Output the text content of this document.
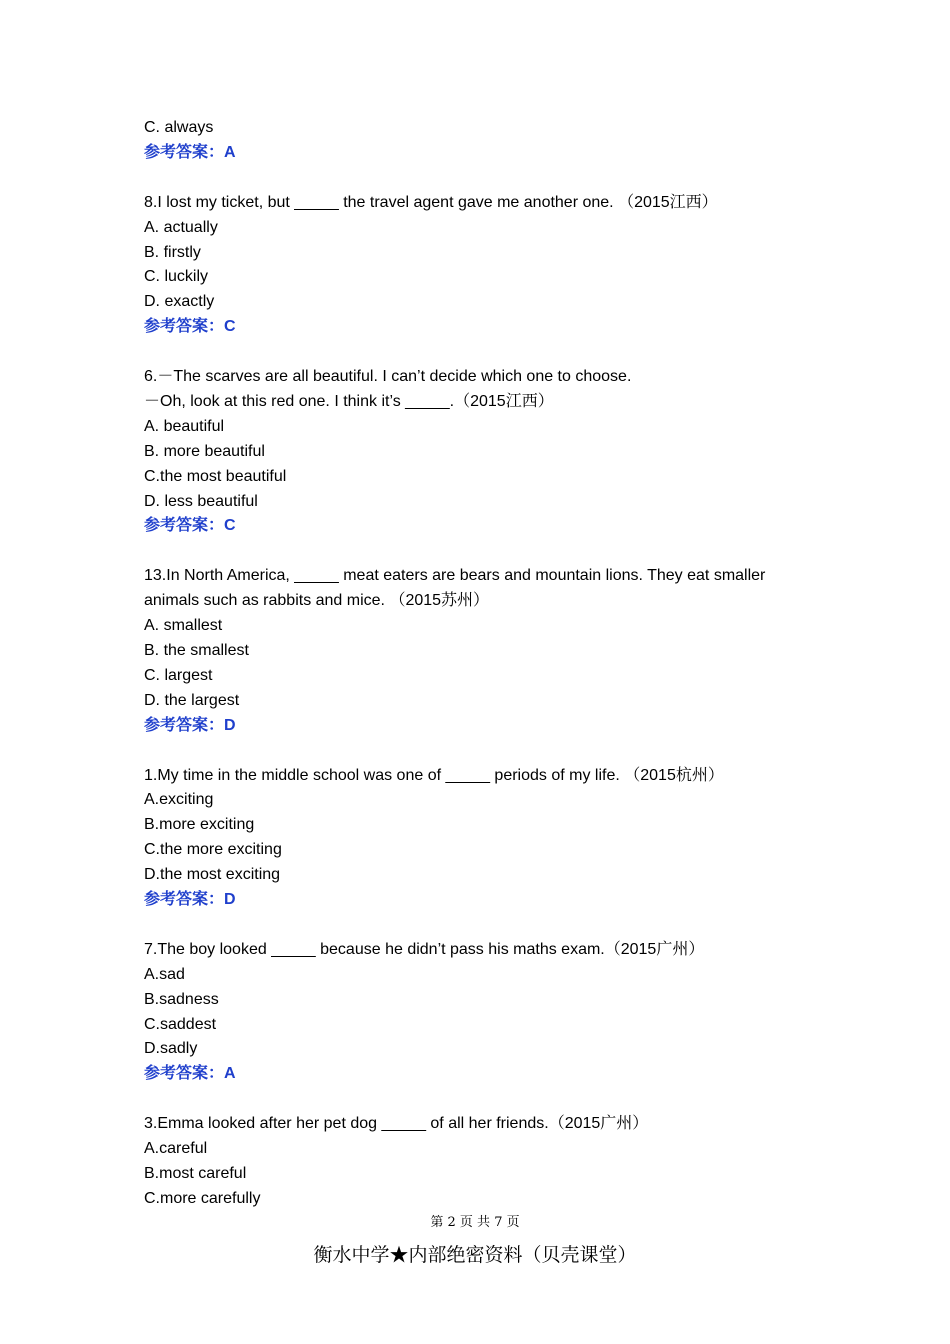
C. always
参考答案：A
8.I lost my ticket, but _____ the travel agent gave me another one. （2015江西）
A. actually
B. firstly
C. luckily
D. exactly
参考答案：C
6.－The scarves are all beautiful. I can’t decide which one to choose.
－Oh, look at this red one. I think it’s _____.（2015江西）
A. beautiful
B. more beautiful
C.the most beautiful
D. less beautiful
参考答案：C
13.In North America, _____ meat eaters are bears and mountain lions. They eat smaller animals such as rabbits and mice. （2015苏州）
A. smallest
B. the smallest
C. largest
D. the largest
参考答案：D
1.My time in the middle school was one of _____ periods of my life. （2015杭州）
A.exciting
B.more exciting
C.the more exciting
D.the most exciting
参考答案：D
7.The boy looked _____ because he didn’t pass his maths exam.（2015广州）
A.sad
B.sadness
C.saddest
D.sadly
参考答案：A
3.Emma looked after her pet dog _____ of all her friends.（2015广州）
A.careful
B.most careful
C.more carefully
第 2 页 共 7 页
衡水中学★内部绝密资料（贝壳课堂）
